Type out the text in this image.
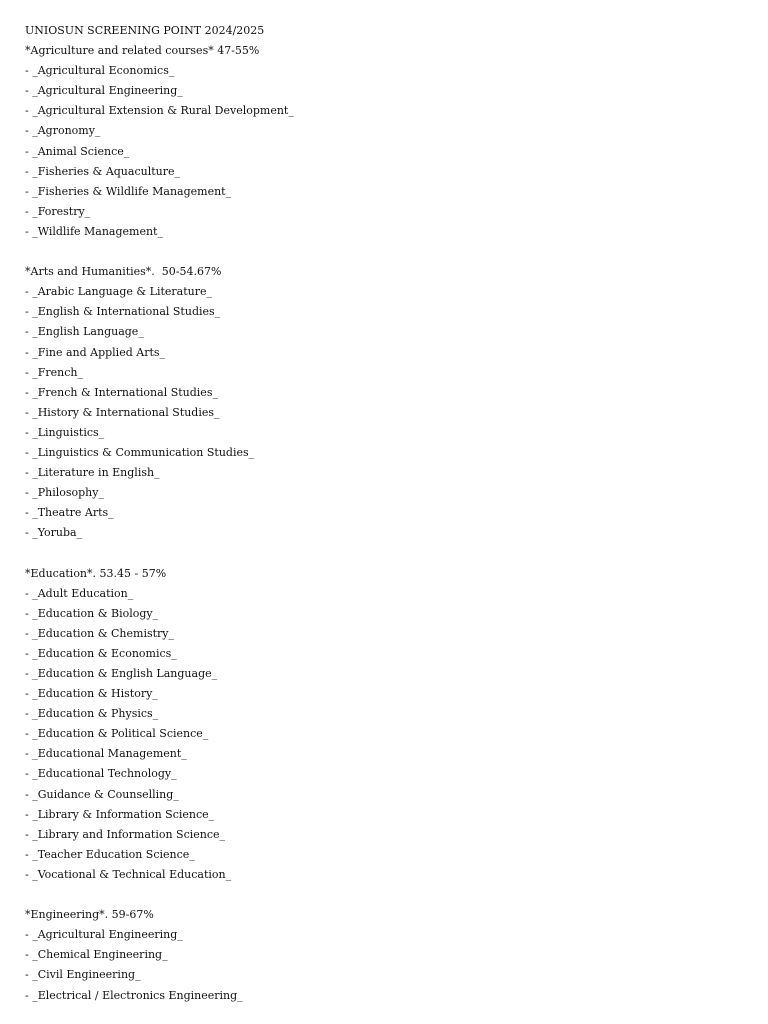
UNIOSUN SCREENING POINT 2024/2025

*Agriculture and related courses* 47-55%

- _Agricultural Economics_

- _Agricultural Engineering_

- _Agricultural Extension & Rural Development_

- _Agronomy_

- _Animal Science_

- _Fisheries & Aquaculture_

- _Fisheries & Wildlife Management_

- _Forestry_

- _Wildlife Management_

*Arts and Humanities*.  50-54.67%

- _Arabic Language & Literature_

- _English & International Studies_

- _English Language_

- _Fine and Applied Arts_

- _French_

- _French & International Studies_

- _History & International Studies_

- _Linguistics_

- _Linguistics & Communication Studies_

- _Literature in English_

- _Philosophy_

- _Theatre Arts_

- _Yoruba_

*Education*. 53.45 - 57%

- _Adult Education_

- _Education & Biology_

- _Education & Chemistry_

- _Education & Economics_

- _Education & English Language_

- _Education & History_

- _Education & Physics_

- _Education & Political Science_

- _Educational Management_

- _Educational Technology_

- _Guidance & Counselling_

- _Library & Information Science_

- _Library and Information Science_

- _Teacher Education Science_

- _Vocational & Technical Education_

*Engineering*. 59-67%

- _Agricultural Engineering_

- _Chemical Engineering_

- _Civil Engineering_

- _Electrical / Electronics Engineering_
